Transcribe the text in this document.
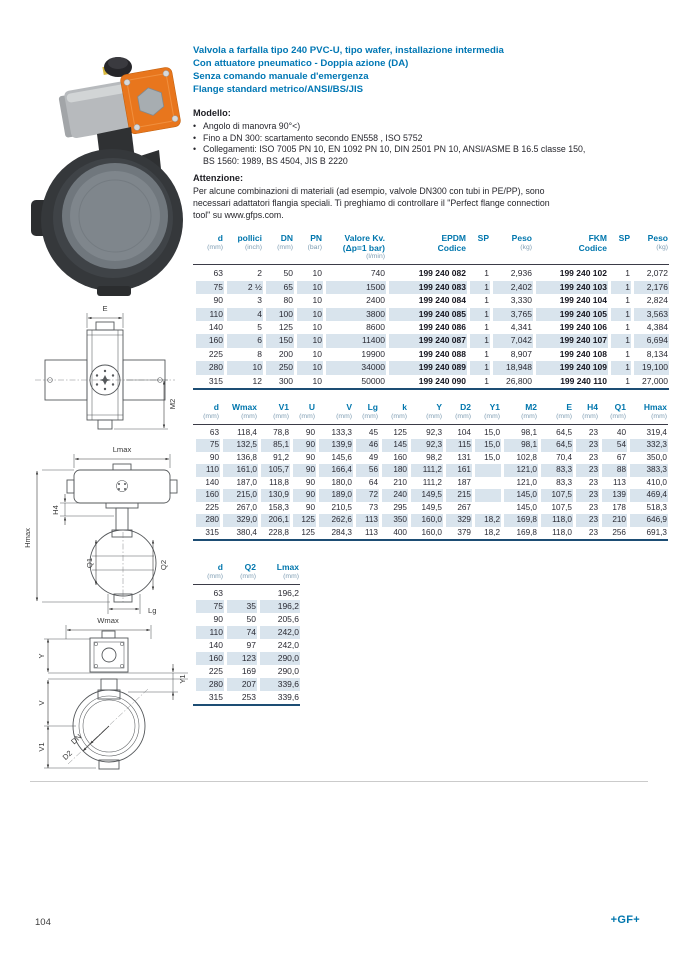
E
M2
Lmax
Hmax
H4
Q1	Q2
Lg
Wmax
Y
Y1
V
V1
DN
D2
Valvola a farfalla tipo 240 PVC-U, tipo wafer, installazione intermedia
Con attuatore pneumatico - Doppia azione (DA)
Senza comando manuale d'emergenza
Flange standard metrico/ANSI/BS/JIS
Modello:
• Angolo di manovra 90°<)
• Fino a DN 300: scartamento secondo EN558 , ISO 5752
• Collegamenti: ISO 7005 PN 10, EN 1092 PN 10, DIN 2501 PN 10, ANSI/ASME B 16.5 classe 150,
BS 1560: 1989, BS 4504, JIS B 2220
Attenzione:
Per alcune combinazioni di materiali (ad esempio, valvole DN300 con tubi in PE/PP), sono
necessari adattatori flangia speciali. Ti preghiamo di controllare il "Perfect flange connection
tool" su www.gfps.com.
d
(mm)

pollici
(inch)

DN
(mm)

PN
(bar)

Valore Kv.
(Δp=1 bar)
(l/min)

EPDM
Codice

SP	Peso
(kg)

FKM
Codice

SP	Peso
(kg)

63	2	50	10	740	199 240 082	1	2,936	199 240 102	1	2,072
75	2 ½	65	10	1500	199 240 083	1	2,402	199 240 103	1	2,176
90	3	80	10	2400	199 240 084	1	3,330	199 240 104	1	2,824
110	4	100	10	3800	199 240 085	1	3,765	199 240 105	1	3,563
140	5	125	10	8600	199 240 086	1	4,341	199 240 106	1	4,384
160	6	150	10	11400	199 240 087	1	7,042	199 240 107	1	6,694
225	8	200	10	19900	199 240 088	1	8,907	199 240 108	1	8,134
280	10	250	10	34000	199 240 089	1	18,948	199 240 109	1	19,100
315	12	300	10	50000	199 240 090	1	26,800	199 240 110	1	27,000
d
(mm)

Wmax
(mm)

V1
(mm)

U
(mm)

V
(mm)

Lg
(mm)

k
(mm)

Y
(mm)

D2
(mm)

Y1
(mm)

M2
(mm)

E
(mm)

H4
(mm)

Q1
(mm)

Hmax
(mm)

63	118,4	78,8	90	133,3	45	125	92,3	104	15,0	98,1	64,5	23	40	319,4
75	132,5	85,1	90	139,9	46	145	92,3	115	15,0	98,1	64,5	23	54	332,3
90	136,8	91,2	90	145,6	49	160	98,2	131	15,0	102,8	70,4	23	67	350,0
110	161,0	105,7	90	166,4	56	180	111,2	161		121,0	83,3	23	88	383,3
140	187,0	118,8	90	180,0	64	210	111,2	187		121,0	83,3	23	113	410,0
160	215,0	130,9	90	189,0	72	240	149,5	215		145,0	107,5	23	139	469,4
225	267,0	158,3	90	210,5	73	295	149,5	267		145,0	107,5	23	178	518,3
280	329,0	206,1	125	262,6	113	350	160,0	329	18,2	169,8	118,0	23	210	646,9
315	380,4	228,8	125	284,3	113	400	160,0	379	18,2	169,8	118,0	23	256	691,3
d
(mm)

Q2
(mm)

Lmax
(mm)

63		196,2
75	35	196,2
90	50	205,6
110	74	242,0
140	97	242,0
160	123	290,0
225	169	290,0
280	207	339,6
315	253	339,6
104	+GF+
